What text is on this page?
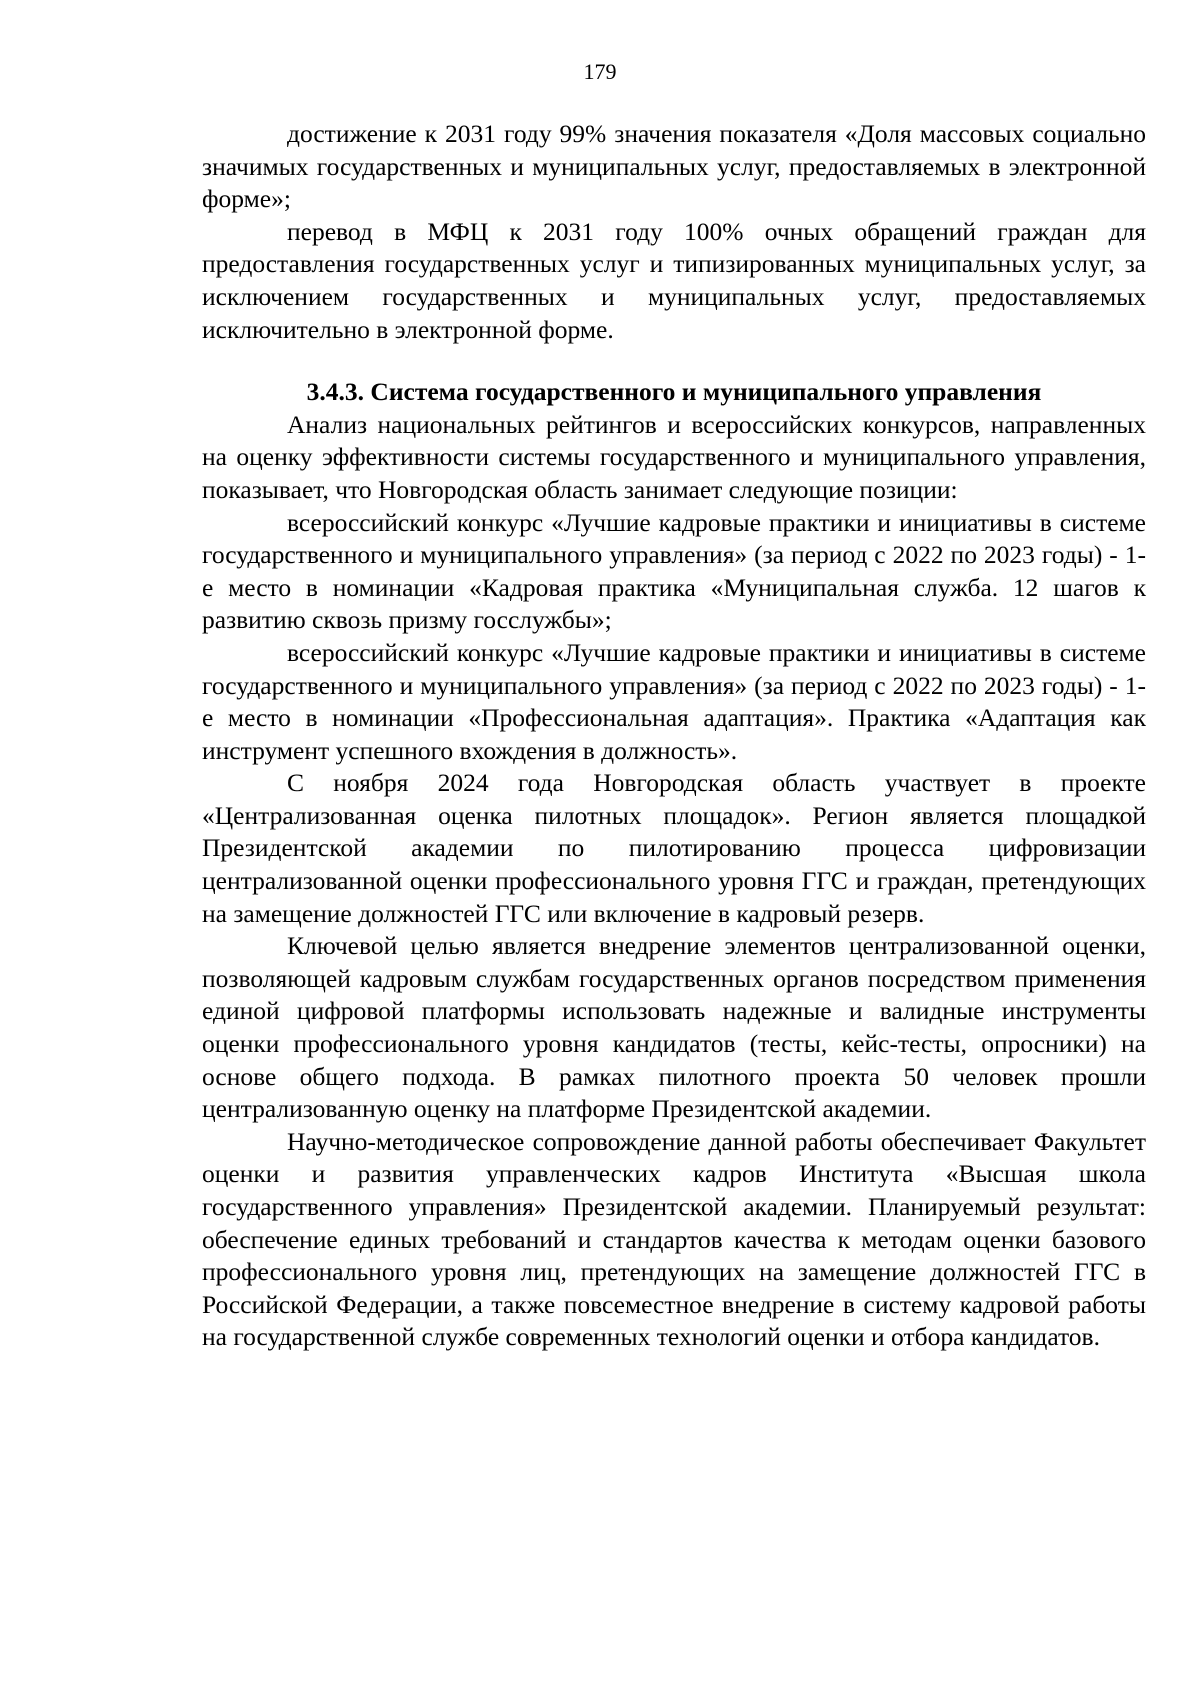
179

достижение к 2031 году 99% значения показателя «Доля массовых социально значимых государственных и муниципальных услуг, предоставляемых в электронной форме»;

перевод в МФЦ к 2031 году 100% очных обращений граждан для предоставления государственных услуг и типизированных муниципальных услуг, за исключением государственных и муниципальных услуг, предоставляемых исключительно в электронной форме.

3.4.3. Система государственного и муниципального управления

Анализ национальных рейтингов и всероссийских конкурсов, направленных на оценку эффективности системы государственного и муниципального управления, показывает, что Новгородская область занимает следующие позиции:

всероссийский конкурс «Лучшие кадровые практики и инициативы в системе государственного и муниципального управления» (за период с 2022 по 2023 годы) - 1-е место в номинации «Кадровая практика «Муниципальная служба. 12 шагов к развитию сквозь призму госслужбы»;

всероссийский конкурс «Лучшие кадровые практики и инициативы в системе государственного и муниципального управления» (за период с 2022 по 2023 годы) - 1-е место в номинации «Профессиональная адаптация». Практика «Адаптация как инструмент успешного вхождения в должность».

С ноября 2024 года Новгородская область участвует в проекте «Централизованная оценка пилотных площадок». Регион является площадкой Президентской академии по пилотированию процесса цифровизации централизованной оценки профессионального уровня ГГС и граждан, претендующих на замещение должностей ГГС или включение в кадровый резерв.

Ключевой целью является внедрение элементов централизованной оценки, позволяющей кадровым службам государственных органов посредством применения единой цифровой платформы использовать надежные и валидные инструменты оценки профессионального уровня кандидатов (тесты, кейс-тесты, опросники) на основе общего подхода. В рамках пилотного проекта 50 человек прошли централизованную оценку на платформе Президентской академии.

Научно-методическое сопровождение данной работы обеспечивает Факультет оценки и развития управленческих кадров Института «Высшая школа государственного управления» Президентской академии. Планируемый результат: обеспечение единых требований и стандартов качества к методам оценки базового профессионального уровня лиц, претендующих на замещение должностей ГГС в Российской Федерации, а также повсеместное внедрение в систему кадровой работы на государственной службе современных технологий оценки и отбора кандидатов.
